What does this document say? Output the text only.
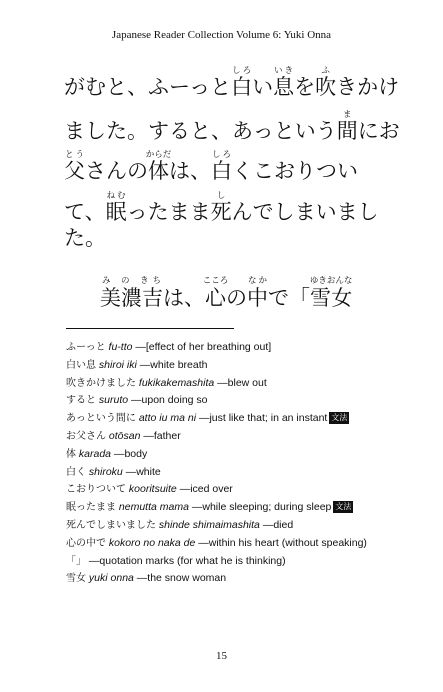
Japanese Reader Collection Volume 6: Yuki Onna
がむと、ふーっと白しろい息いきを吹ふきかけ
ました。すると、あっという間まにお
父とうさんの体からだは、白しろくこおりつい
て、眠ねむったまま死しんでしまいまし
た。
美濃吉み の きちは、心こころの中なかで「雪女ゆきおんな
ふーっと fu-tto —[effect of her breathing out]
白い息 shiroi iki —white breath
吹きかけました fukikakemashita —blew out
すると suruto —upon doing so
あっという間に atto iu ma ni —just like that; in an instant 文法
お父さん otōsan —father
体 karada —body
白く shiroku —white
こおりついて kooritsuite —iced over
眠ったまま nemutta mama —while sleeping; during sleep 文法
死んでしまいました shinde shimaimashita —died
心の中で kokoro no naka de —within his heart (without speaking)
「」 —quotation marks (for what he is thinking)
雪女 yuki onna —the snow woman
15
